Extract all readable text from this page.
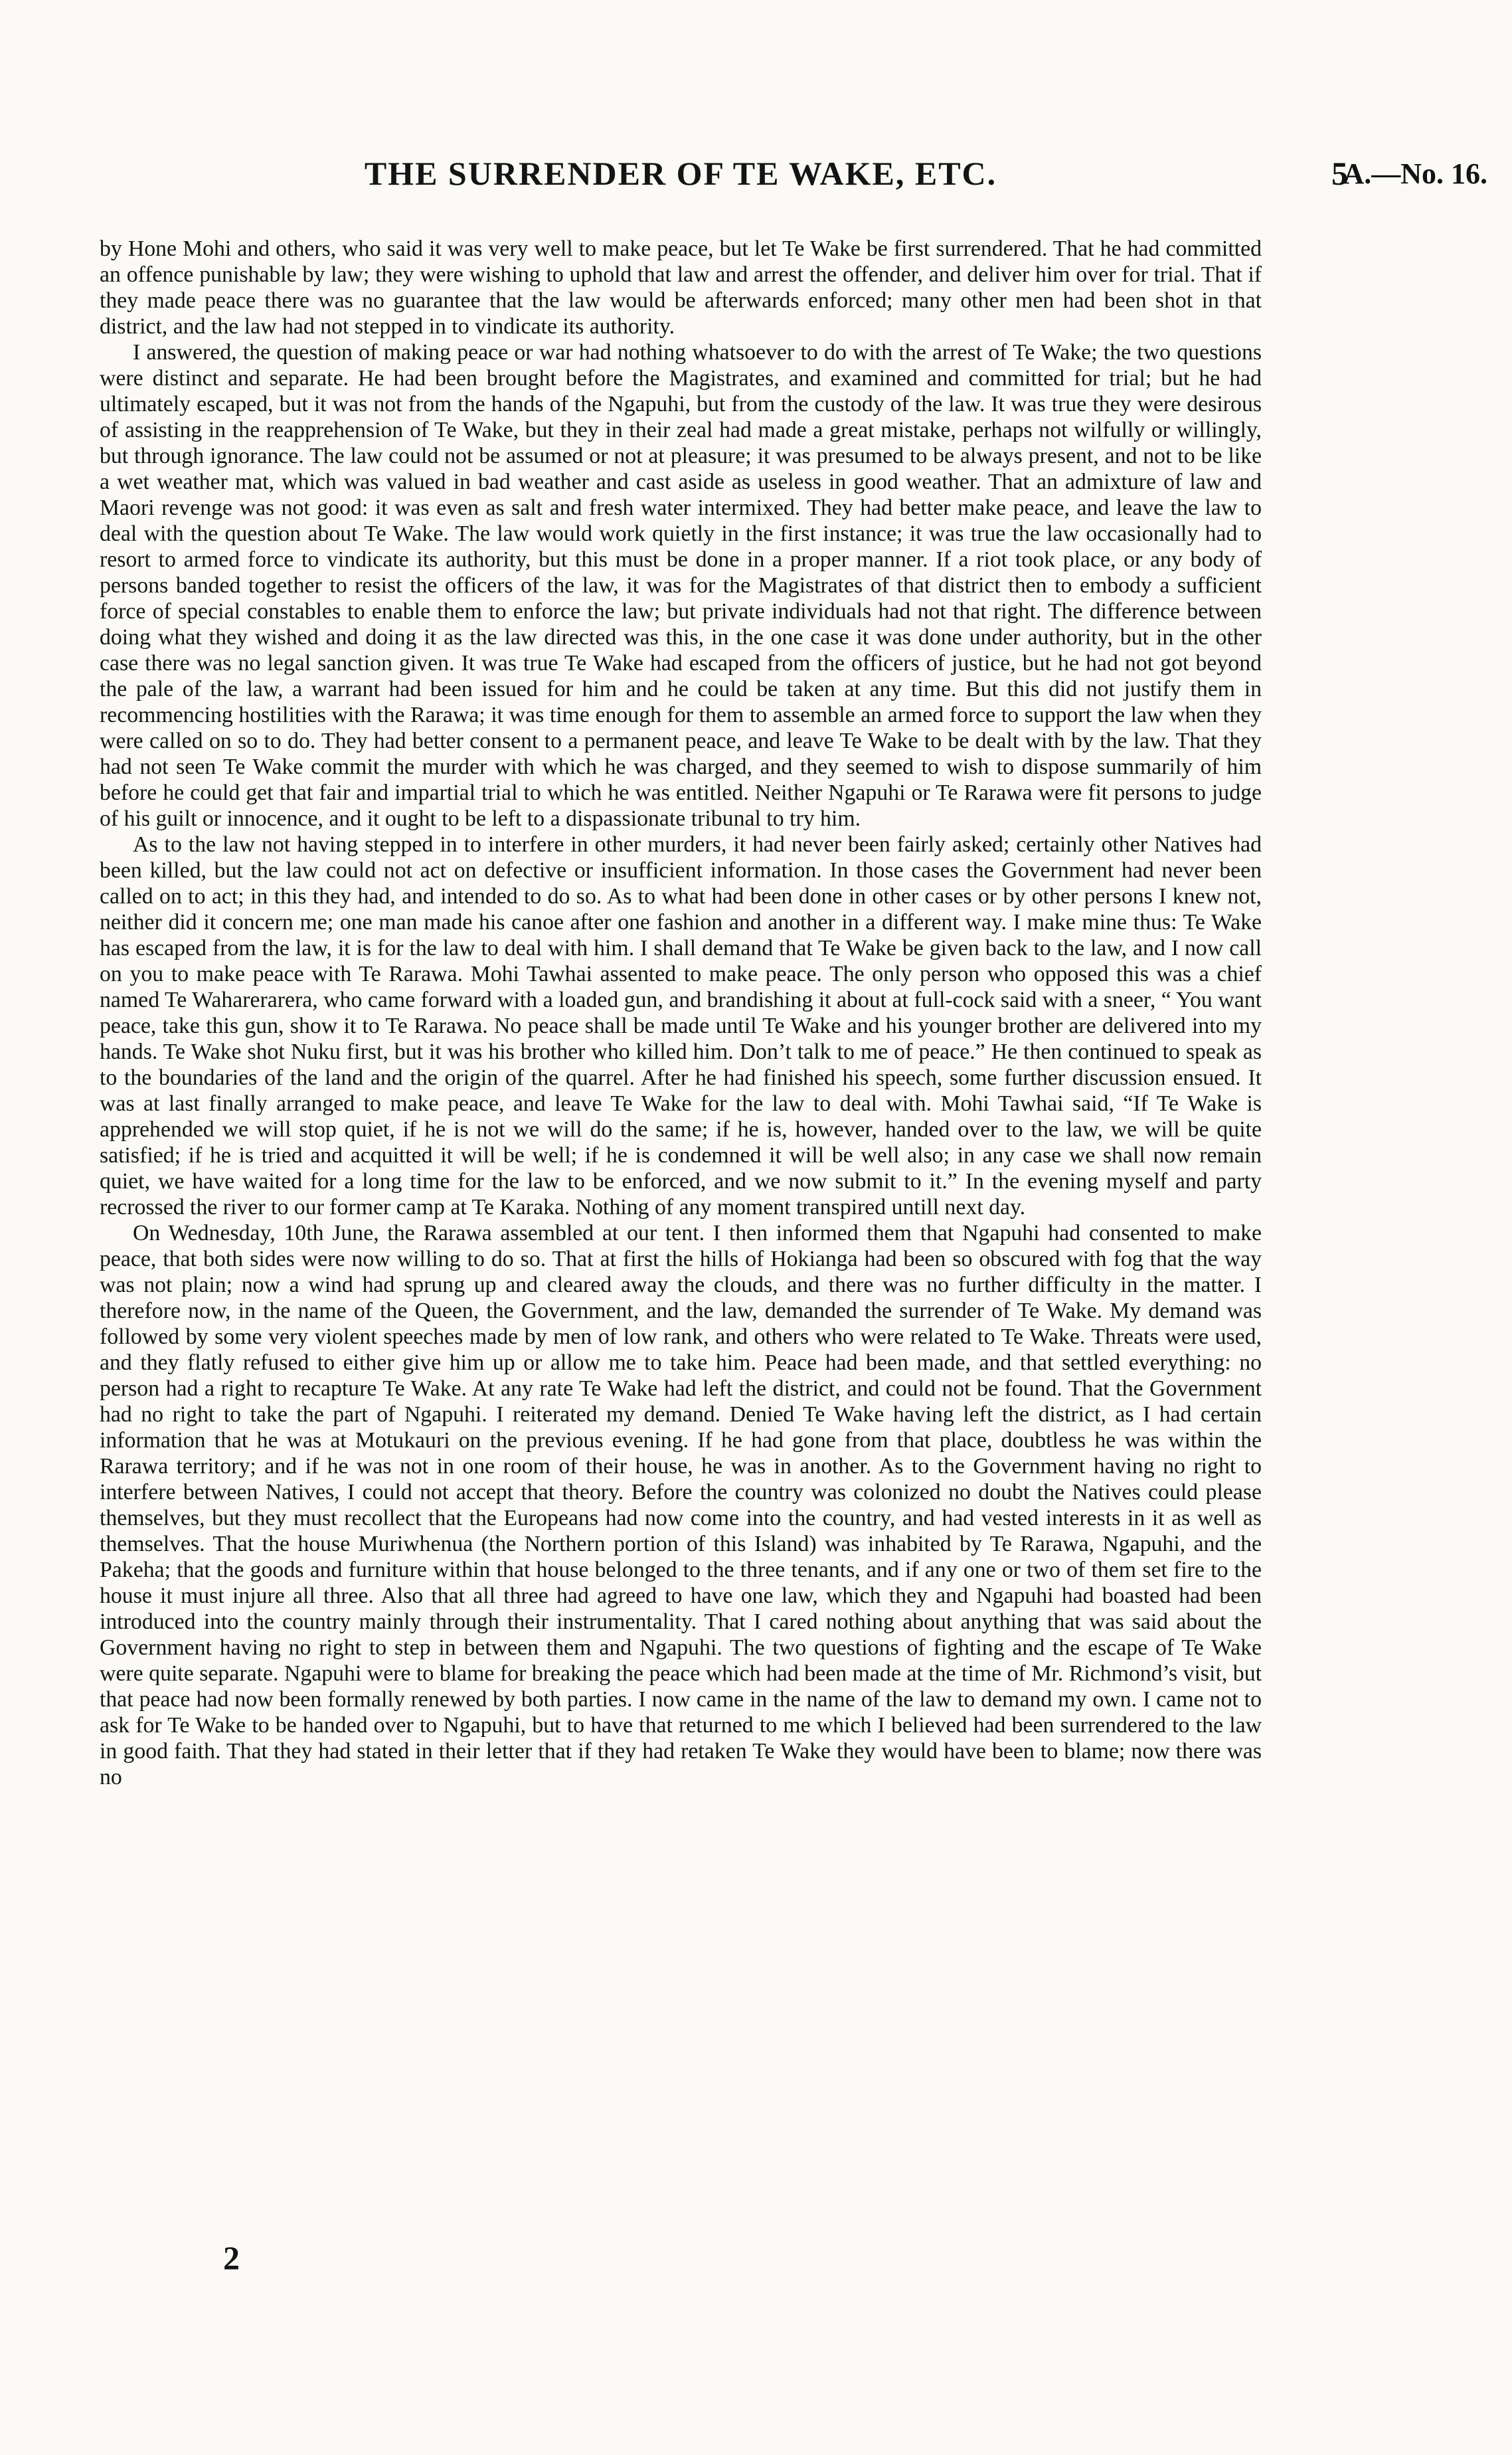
THE SURRENDER OF TE WAKE, ETC.	5
A.—No. 16.

by Hone Mohi and others, who said it was very well to make peace, but let Te Wake be first surrendered. That he had committed an offence punishable by law; they were wishing to uphold that law and arrest the offender, and deliver him over for trial. That if they made peace there was no guarantee that the law would be afterwards enforced; many other men had been shot in that district, and the law had not stepped in to vindicate its authority.

I answered, the question of making peace or war had nothing whatsoever to do with the arrest of Te Wake; the two questions were distinct and separate. He had been brought before the Magistrates, and examined and committed for trial; but he had ultimately escaped, but it was not from the hands of the Ngapuhi, but from the custody of the law. It was true they were desirous of assisting in the reapprehension of Te Wake, but they in their zeal had made a great mistake, perhaps not wilfully or willingly, but through ignorance. The law could not be assumed or not at pleasure; it was presumed to be always present, and not to be like a wet weather mat, which was valued in bad weather and cast aside as useless in good weather. That an admixture of law and Maori revenge was not good: it was even as salt and fresh water intermixed. They had better make peace, and leave the law to deal with the question about Te Wake. The law would work quietly in the first instance; it was true the law occasionally had to resort to armed force to vindicate its authority, but this must be done in a proper manner. If a riot took place, or any body of persons banded together to resist the officers of the law, it was for the Magistrates of that district then to embody a sufficient force of special constables to enable them to enforce the law; but private individuals had not that right. The difference between doing what they wished and doing it as the law directed was this, in the one case it was done under authority, but in the other case there was no legal sanction given. It was true Te Wake had escaped from the officers of justice, but he had not got beyond the pale of the law, a warrant had been issued for him and he could be taken at any time. But this did not justify them in recommencing hostilities with the Rarawa; it was time enough for them to assemble an armed force to support the law when they were called on so to do. They had better consent to a permanent peace, and leave Te Wake to be dealt with by the law. That they had not seen Te Wake commit the murder with which he was charged, and they seemed to wish to dispose summarily of him before he could get that fair and impartial trial to which he was entitled. Neither Ngapuhi or Te Rarawa were fit persons to judge of his guilt or innocence, and it ought to be left to a dispassionate tribunal to try him.

As to the law not having stepped in to interfere in other murders, it had never been fairly asked; certainly other Natives had been killed, but the law could not act on defective or insufficient information. In those cases the Government had never been called on to act; in this they had, and intended to do so. As to what had been done in other cases or by other persons I knew not, neither did it concern me; one man made his canoe after one fashion and another in a different way. I make mine thus: Te Wake has escaped from the law, it is for the law to deal with him. I shall demand that Te Wake be given back to the law, and I now call on you to make peace with Te Rarawa. Mohi Tawhai assented to make peace. The only person who opposed this was a chief named Te Waharerarera, who came forward with a loaded gun, and brandishing it about at full-cock said with a sneer, “ You want peace, take this gun, show it to Te Rarawa. No peace shall be made until Te Wake and his younger brother are delivered into my hands. Te Wake shot Nuku first, but it was his brother who killed him. Don’t talk to me of peace.” He then continued to speak as to the boundaries of the land and the origin of the quarrel. After he had finished his speech, some further discussion ensued. It was at last finally arranged to make peace, and leave Te Wake for the law to deal with. Mohi Tawhai said, “If Te Wake is apprehended we will stop quiet, if he is not we will do the same; if he is, however, handed over to the law, we will be quite satisfied; if he is tried and acquitted it will be well; if he is condemned it will be well also; in any case we shall now remain quiet, we have waited for a long time for the law to be enforced, and we now submit to it.” In the evening myself and party recrossed the river to our former camp at Te Karaka. Nothing of any moment transpired untill next day.

On Wednesday, 10th June, the Rarawa assembled at our tent. I then informed them that Ngapuhi had consented to make peace, that both sides were now willing to do so. That at first the hills of Hokianga had been so obscured with fog that the way was not plain; now a wind had sprung up and cleared away the clouds, and there was no further difficulty in the matter. I therefore now, in the name of the Queen, the Government, and the law, demanded the surrender of Te Wake. My demand was followed by some very violent speeches made by men of low rank, and others who were related to Te Wake. Threats were used, and they flatly refused to either give him up or allow me to take him. Peace had been made, and that settled everything: no person had a right to recapture Te Wake. At any rate Te Wake had left the district, and could not be found. That the Government had no right to take the part of Ngapuhi. I reiterated my demand. Denied Te Wake having left the district, as I had certain information that he was at Motukauri on the previous evening. If he had gone from that place, doubtless he was within the Rarawa territory; and if he was not in one room of their house, he was in another. As to the Government having no right to interfere between Natives, I could not accept that theory. Before the country was colonized no doubt the Natives could please themselves, but they must recollect that the Europeans had now come into the country, and had vested interests in it as well as themselves. That the house Muriwhenua (the Northern portion of this Island) was inhabited by Te Rarawa, Ngapuhi, and the Pakeha; that the goods and furniture within that house belonged to the three tenants, and if any one or two of them set fire to the house it must injure all three. Also that all three had agreed to have one law, which they and Ngapuhi had boasted had been introduced into the country mainly through their instrumentality. That I cared nothing about anything that was said about the Government having no right to step in between them and Ngapuhi. The two questions of fighting and the escape of Te Wake were quite separate. Ngapuhi were to blame for breaking the peace which had been made at the time of Mr. Richmond’s visit, but that peace had now been formally renewed by both parties. I now came in the name of the law to demand my own. I came not to ask for Te Wake to be handed over to Ngapuhi, but to have that returned to me which I believed had been surrendered to the law in good faith. That they had stated in their letter that if they had retaken Te Wake they would have been to blame; now there was no

2
